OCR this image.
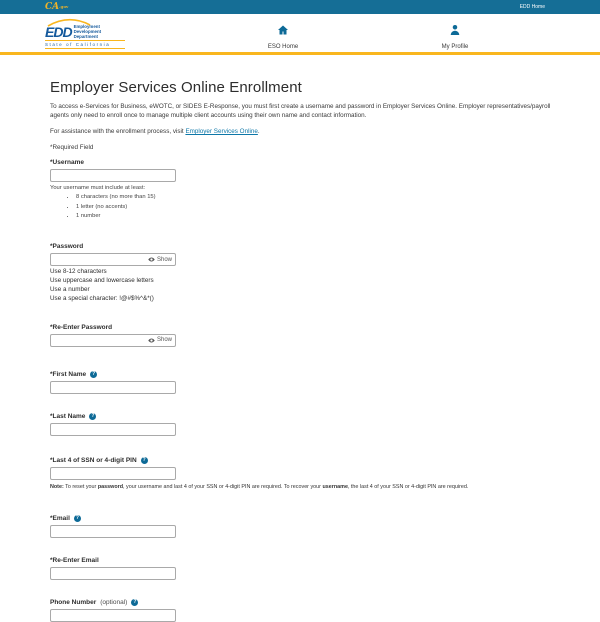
CA.gov	EDD Home
EDD Employment
Development
Department
State of California	ESO Home	My Profile
Employer Services Online Enrollment

To access e-Services for Business, eWOTC, or SIDES E-Response, you must first create a username and password in Employer Services Online. Employer representatives/payroll agents only need to enroll once to manage multiple client accounts using their own name and contact information.

For assistance with the enrollment process, visit Employer Services Online.

*Required Field

*Username
Your username must include at least:
• 8 characters (no more than 15)
• 1 letter (no accents)
• 1 number
*Password
Show
Use 8-12 characters
Use uppercase and lowercase letters
Use a number
Use a special character: !@#$%^&*()
*Re-Enter Password
Show
*First Name	?
*Last Name	?
*Last 4 of SSN or 4-digit PIN	?
Note: To reset your password, your username and last 4 of your SSN or 4-digit PIN are required. To recover your username, the last 4 of your SSN or 4-digit PIN are required.
*Email	?
*Re-Enter Email
Phone Number (optional)	?
